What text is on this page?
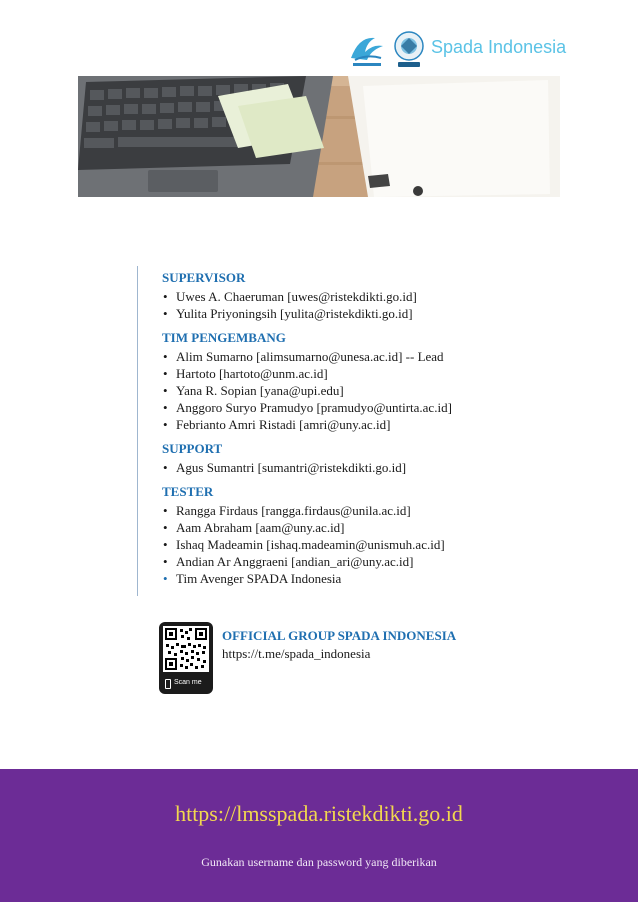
Spada Indonesia
SUPERVISOR
• Uwes A. Chaeruman [uwes@ristekdikti.go.id]
• Yulita Priyoningsih [yulita@ristekdikti.go.id]
TIM PENGEMBANG
• Alim Sumarno [alimsumarno@unesa.ac.id] -- Lead
• Hartoto [hartoto@unm.ac.id]
• Yana R. Sopian [yana@upi.edu]
• Anggoro Suryo Pramudyo [pramudyo@untirta.ac.id]
• Febrianto Amri Ristadi [amri@uny.ac.id]
SUPPORT
• Agus Sumantri [sumantri@ristekdikti.go.id]
TESTER
• Rangga Firdaus [rangga.firdaus@unila.ac.id]
• Aam Abraham [aam@uny.ac.id]
• Ishaq Madeamin [ishaq.madeamin@unismuh.ac.id]
• Andian Ar Anggraeni [andian_ari@uny.ac.id]
• Tim Avenger SPADA Indonesia
Scan me
OFFICIAL GROUP SPADA INDONESIA
https://t.me/spada_indonesia
https://lmsspada.ristekdikti.go.id
Gunakan username dan password yang diberikan
